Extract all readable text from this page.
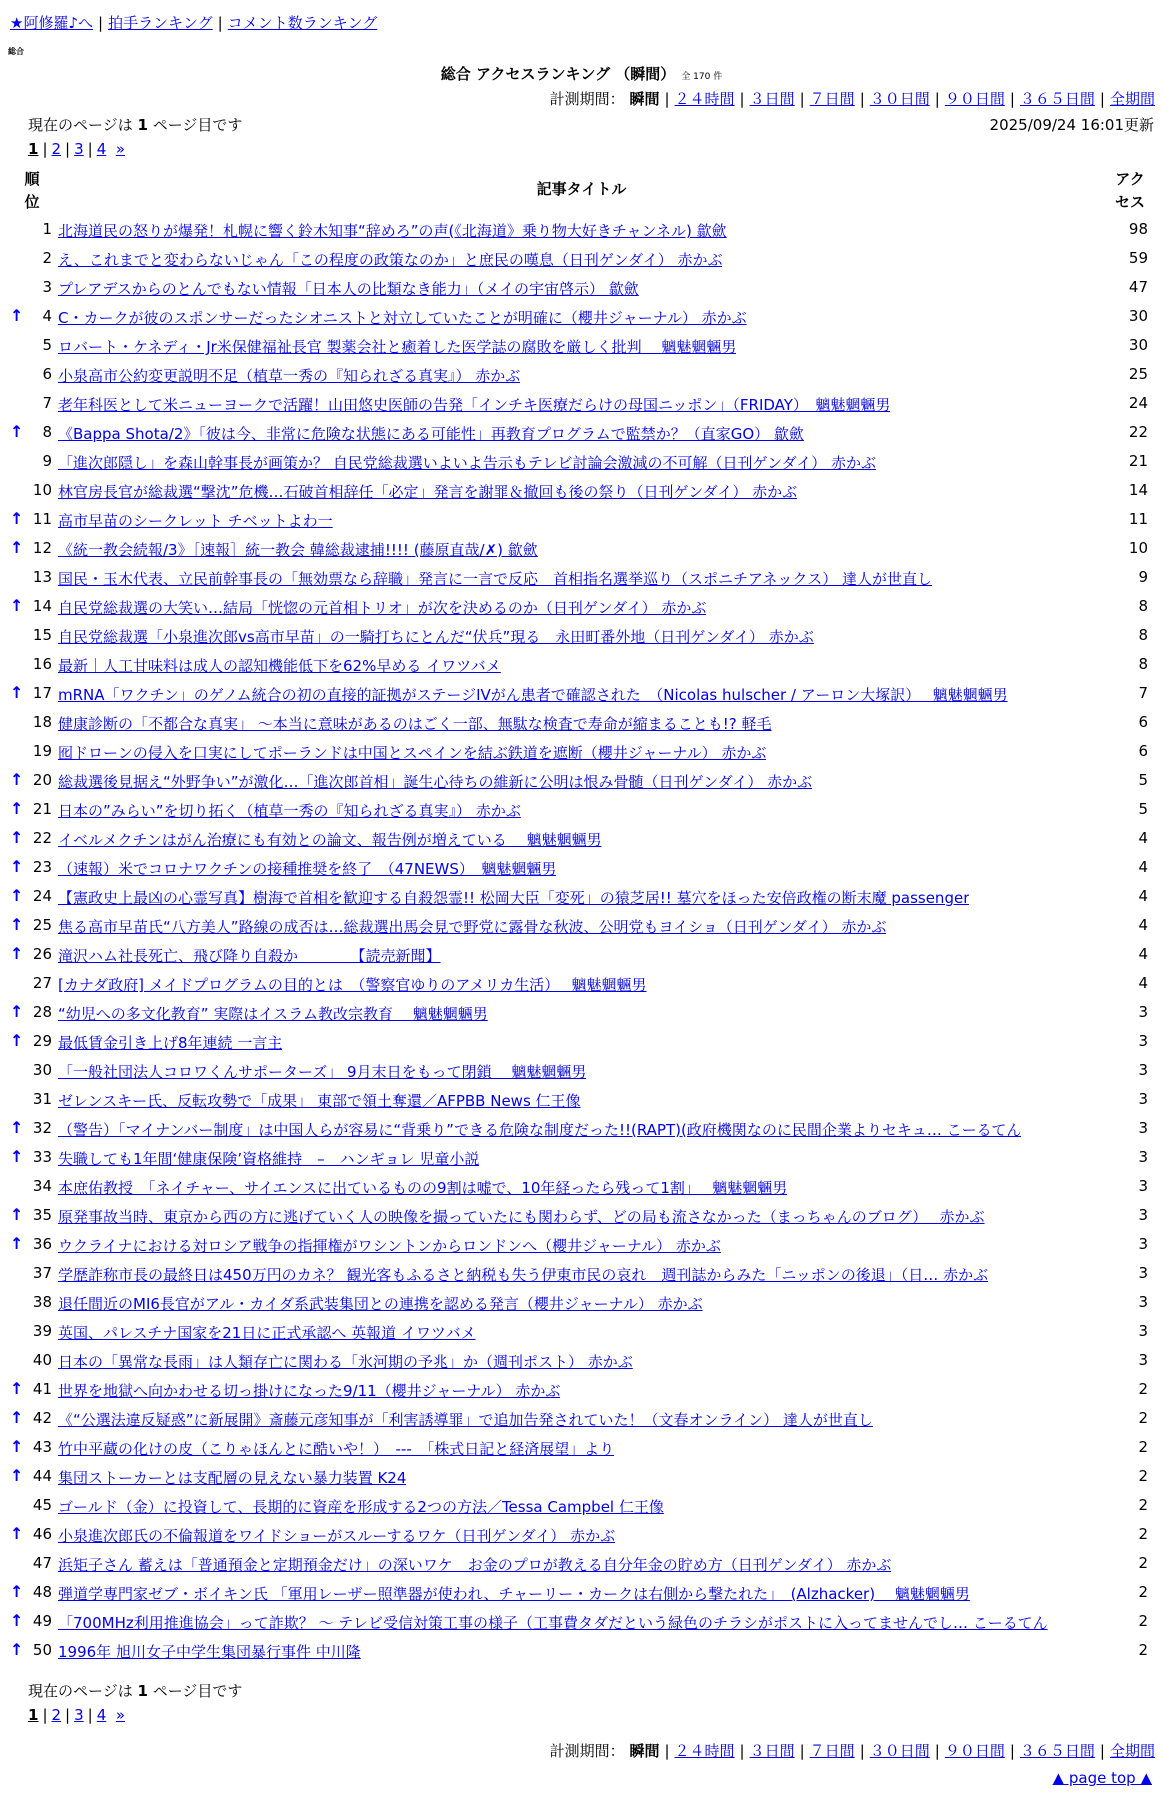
★阿修羅♪へ | 拍手ランキング | コメント数ランキング
総合
総合 アクセスランキング （瞬間） 全 170 件
計測期間： 瞬間 | ２４時間 | ３日間 | ７日間 | ３０日間 | ９０日間 | ３６５日間 | 全期間
現在のページは 1 ページ目です	2025/09/24 16:01更新
1 | 2 | 3 | 4 »
順
位
記事タイトル
アク
セス
1 北海道民の怒りが爆発！札幌に響く鈴木知事“辞めろ”の声(《北海道》乗り物大好きチャンネル) 歙歛	98
2 え、これまでと変わらないじゃん「この程度の政策なのか」と庶民の嘆息（日刊ゲンダイ） 赤かぶ	59
3 プレアデスからのとんでもない情報「日本人の比類なき能力」（メイの宇宙啓示） 歙歛	47
↑	4 C・カークが彼のスポンサーだったシオニストと対立していたことが明確に（櫻井ジャーナル） 赤かぶ	30
5 ロバート・ケネディ・Jr米保健福祉長官 製薬会社と癒着した医学誌の腐敗を厳しく批判　 魑魅魍魎男	30
6 小泉高市公約変更説明不足（植草一秀の『知られざる真実』） 赤かぶ	25
7 老年科医として米ニューヨークで活躍！山田悠史医師の告発「インチキ医療だらけの母国ニッポン」（FRIDAY）　魑魅魍魎男	24
↑	8 《Bappa Shota/2》「彼は今、非常に危険な状態にある可能性」再教育プログラムで監禁か？（直家GO） 歙歛	22
9 「進次郎隠し」を森山幹事長が画策か？ 自民党総裁選いよいよ告示もテレビ討論会激減の不可解（日刊ゲンダイ） 赤かぶ	21
10 林官房長官が総裁選“撃沈”危機…石破首相辞任「必定」発言を謝罪＆撤回も後の祭り（日刊ゲンダイ） 赤かぶ	14
↑ 11 高市早苗のシークレット チベットよわ一	11
↑ 12 《統一教会続報/3》［速報］統一教会 韓総裁逮捕!!!! (藤原直哉/✗) 歙歛	10
13 国民・玉木代表、立民前幹事長の「無効票なら辞職」発言に一言で反応　首相指名選挙巡り（スポニチアネックス） 達人が世直し	9
↑ 14 自民党総裁選の大笑い…結局「恍惚の元首相トリオ」が次を決めるのか（日刊ゲンダイ） 赤かぶ	8
15 自民党総裁選「小泉進次郎vs高市早苗」の一騎打ちにとんだ“伏兵”現る　永田町番外地（日刊ゲンダイ） 赤かぶ	8
16 最新｜人工甘味料は成人の認知機能低下を62%早める イワツバメ	8
↑ 17 mRNA「ワクチン」のゲノム統合の初の直接的証拠がステージIVがん患者で確認された　（Nicolas hulscher / アーロン大塚訳）　 魑魅魍魎男	7
18 健康診断の「不都合な真実」 ～本当に意味があるのはごく一部、無駄な検査で寿命が縮まることも!? 軽毛	6
19 囮ドローンの侵入を口実にしてポーランドは中国とスペインを結ぶ鉄道を遮断（櫻井ジャーナル） 赤かぶ	6
↑ 20 総裁選後見据え“外野争い”が激化…「進次郎首相」誕生心待ちの維新に公明は恨み骨髄（日刊ゲンダイ） 赤かぶ	5
↑ 21 日本の”みらい”を切り拓く（植草一秀の『知られざる真実』） 赤かぶ	5
↑ 22 イベルメクチンはがん治療にも有効との論文、報告例が増えている　 魑魅魍魎男	4
↑ 23 （速報）米でコロナワクチンの接種推奨を終了　（47NEWS）　魑魅魍魎男	4
↑ 24 【憲政史上最凶の心霊写真】樹海で首相を歓迎する自殺怨霊!! 松岡大臣「変死」の猿芝居!! 墓穴をほった安倍政権の断末魔 passenger	4
↑ 25 焦る高市早苗氏“八方美人”路線の成否は…総裁選出馬会見で野党に露骨な秋波、公明党もヨイショ（日刊ゲンダイ） 赤かぶ	4
↑ 26 滝沢ハム社長死亡、飛び降り自殺か　　　　【読売新聞】	4
27 [カナダ政府] メイドプログラムの目的とは　（警察官ゆりのアメリカ生活）　 魑魅魍魎男	4
↑ 28 “幼児への多文化教育” 実際はイスラム教改宗教育　 魑魅魍魎男	3
↑ 29 最低賃金引き上げ8年連続 一言主	3
30 「一般社団法人コロワくんサポーターズ」 9月末日をもって閉鎖　 魑魅魍魎男	3
31 ゼレンスキー氏、反転攻勢で「成果」 東部で領土奪還／AFPBB News 仁王像	3
↑ 32 （警告）「マイナンバー制度」は中国人らが容易に“背乗り”できる危険な制度だった!!(RAPT)(政府機関なのに民間企業よりセキュ… こーるてん	3
↑ 33 失職しても1年間‘健康保険’資格維持　–　ハンギョレ 児童小説	3
34 本庶佑教授　「ネイチャー、サイエンスに出ているものの9割は嘘で、10年経ったら残って1割」　 魑魅魍魎男	3
↑ 35 原発事故当時、東京から西の方に逃げていく人の映像を撮っていたにも関わらず、どの局も流さなかった（まっちゃんのブログ）　 赤かぶ	3
↑ 36 ウクライナにおける対ロシア戦争の指揮権がワシントンからロンドンへ（櫻井ジャーナル） 赤かぶ	3
37 学歴詐称市長の最終日は450万円のカネ？ 観光客もふるさと納税も失う伊東市民の哀れ　週刊誌からみた「ニッポンの後退」（日… 赤かぶ	3
38 退任間近のMI6長官がアル・カイダ系武装集団との連携を認める発言（櫻井ジャーナル） 赤かぶ	3
39 英国、パレスチナ国家を21日に正式承認へ 英報道 イワツバメ	3
40 日本の「異常な長雨」は人類存亡に関わる「氷河期の予兆」か（週刊ポスト） 赤かぶ	3
↑ 41 世界を地獄へ向かわせる切っ掛けになった9/11（櫻井ジャーナル） 赤かぶ	2
↑ 42 《“公選法違反疑惑”に新展開》斎藤元彦知事が「利害誘導罪」で追加告発されていた！（文春オンライン） 達人が世直し	2
↑ 43 竹中平蔵の化けの皮（こりゃほんとに酷いや！）　---　「株式日記と経済展望」より	2
↑ 44 集団ストーカーとは支配層の見えない暴力装置 K24	2
45 ゴールド（金）に投資して、長期的に資産を形成する2つの方法／Tessa Campbel 仁王像	2
↑ 46 小泉進次郎氏の不倫報道をワイドショーがスルーするワケ（日刊ゲンダイ） 赤かぶ	2
47 浜矩子さん 蓄えは「普通預金と定期預金だけ」の深いワケ　お金のプロが教える自分年金の貯め方（日刊ゲンダイ） 赤かぶ	2
↑ 48 弾道学専門家ゼブ・ボイキン氏 「軍用レーザー照準器が使われ、チャーリー・カークは右側から撃たれた」　(Alzhacker)　 魑魅魍魎男	2
↑ 49 「700MHz利用推進協会」って詐欺？ ～ テレビ受信対策工事の様子（工事費タダだという緑色のチラシがポストに入ってませんでし… こーるてん	2
↑ 50 1996年 旭川女子中学生集団暴行事件 中川隆	2
現在のページは 1 ページ目です
1 | 2 | 3 | 4 »
計測期間： 瞬間 | ２４時間 | ３日間 | ７日間 | ３０日間 | ９０日間 | ３６５日間 | 全期間
▲ page top ▲
